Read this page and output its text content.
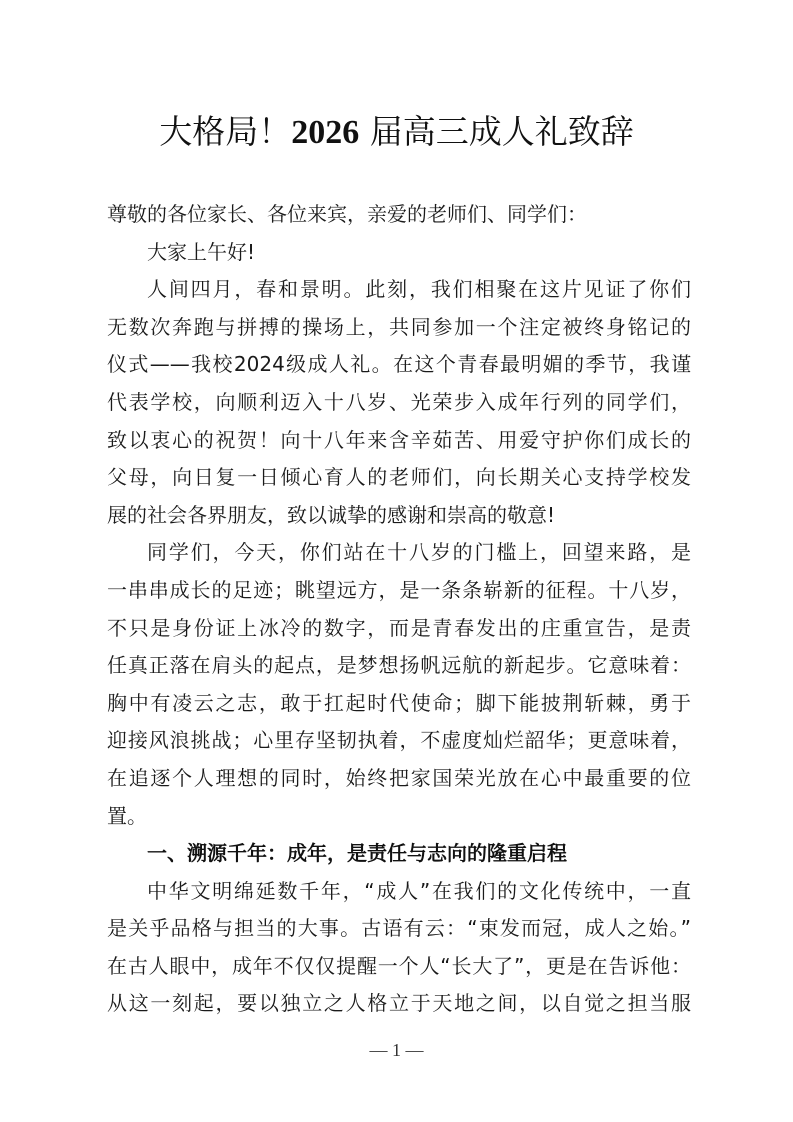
大格局！2026 届高三成人礼致辞
尊敬的各位家长、各位来宾，亲爱的老师们、同学们：
大家上午好!
人间四月，春和景明。此刻，我们相聚在这片见证了你们
无数次奔跑与拼搏的操场上，共同参加一个注定被终身铭记的
仪式——我校2024级成人礼。在这个青春最明媚的季节，我谨
代表学校，向顺利迈入十八岁、光荣步入成年行列的同学们，
致以衷心的祝贺！向十八年来含辛茹苦、用爱守护你们成长的
父母，向日复一日倾心育人的老师们，向长期关心支持学校发
展的社会各界朋友，致以诚挚的感谢和崇高的敬意!
同学们，今天，你们站在十八岁的门槛上，回望来路，是
一串串成长的足迹；眺望远方，是一条条崭新的征程。十八岁，
不只是身份证上冰冷的数字，而是青春发出的庄重宣告，是责
任真正落在肩头的起点，是梦想扬帆远航的新起步。它意味着：
胸中有凌云之志，敢于扛起时代使命；脚下能披荆斩棘，勇于
迎接风浪挑战；心里存坚韧执着，不虚度灿烂韶华；更意味着，
在追逐个人理想的同时，始终把家国荣光放在心中最重要的位
置。
一、溯源千年：成年，是责任与志向的隆重启程
中华文明绵延数千年，“成人”在我们的文化传统中，一直
是关乎品格与担当的大事。古语有云：“束发而冠，成人之始。”
在古人眼中，成年不仅仅提醒一个人“长大了”，更是在告诉他：
从这一刻起，要以独立之人格立于天地之间，以自觉之担当服
— 1 —
